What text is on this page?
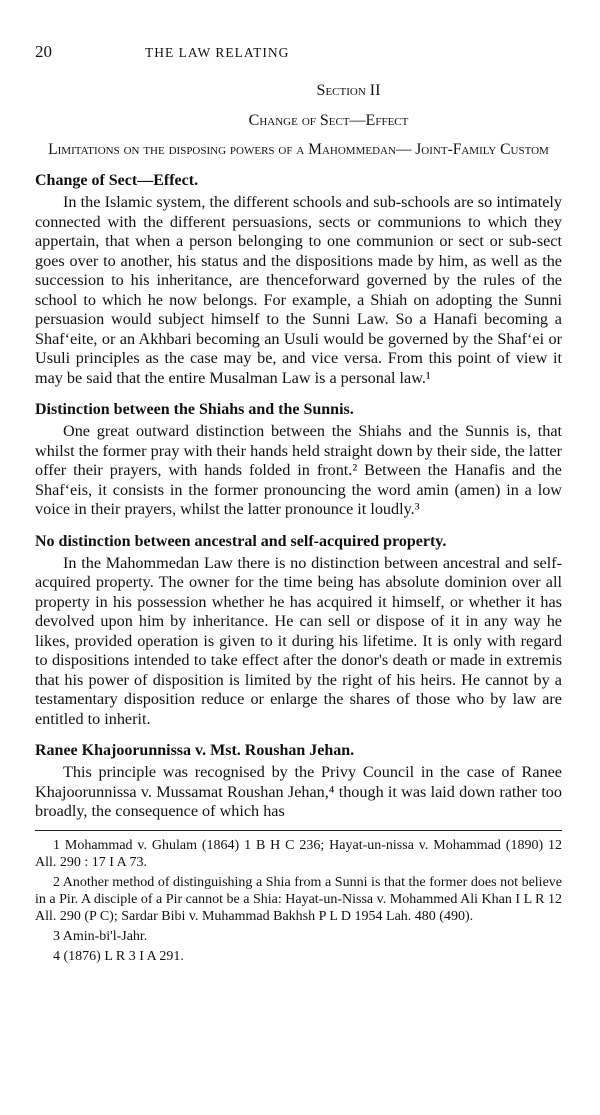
20	THE LAW RELATING
Section II
Change of Sect—Effect
Limitations on the disposing powers of a Mahommedan— Joint-Family Custom
Change of Sect—Effect.

In the Islamic system, the different schools and sub-schools are so intimately connected with the different persuasions, sects or communions to which they appertain, that when a person belonging to one communion or sect or sub-sect goes over to another, his status and the dispositions made by him, as well as the succession to his inheritance, are thenceforward governed by the rules of the school to which he now belongs. For example, a Shiah on adopting the Sunni persuasion would subject himself to the Sunni Law. So a Hanafi becoming a Shaf‘eite, or an Akhbari becoming an Usuli would be governed by the Shaf‘ei or Usuli principles as the case may be, and vice versa. From this point of view it may be said that the entire Musalman Law is a personal law.¹

Distinction between the Shiahs and the Sunnis.

One great outward distinction between the Shiahs and the Sunnis is, that whilst the former pray with their hands held straight down by their side, the latter offer their prayers, with hands folded in front.² Between the Hanafis and the Shaf‘eis, it consists in the former pronouncing the word amin (amen) in a low voice in their prayers, whilst the latter pronounce it loudly.³

No distinction between ancestral and self-acquired property.

In the Mahommedan Law there is no distinction between ancestral and self-acquired property. The owner for the time being has absolute dominion over all property in his possession whether he has acquired it himself, or whether it has devolved upon him by inheritance. He can sell or dispose of it in any way he likes, provided operation is given to it during his lifetime. It is only with regard to dispositions intended to take effect after the donor's death or made in extremis that his power of disposition is limited by the right of his heirs. He cannot by a testamentary disposition reduce or enlarge the shares of those who by law are entitled to inherit.

Ranee Khajoorunnissa v. Mst. Roushan Jehan.

This principle was recognised by the Privy Council in the case of Ranee Khajoorunnissa v. Mussamat Roushan Jehan,⁴ though it was laid down rather too broadly, the consequence of which has

1 Mohammad v. Ghulam (1864) 1 B H C 236; Hayat-un-nissa v. Mohammad (1890) 12 All. 290 : 17 I A 73.

2 Another method of distinguishing a Shia from a Sunni is that the former does not believe in a Pir. A disciple of a Pir cannot be a Shia: Hayat-un-Nissa v. Mohammed Ali Khan I L R 12 All. 290 (P C); Sardar Bibi v. Muhammad Bakhsh P L D 1954 Lah. 480 (490).

3 Amin-bi'l-Jahr.

4 (1876) L R 3 I A 291.
